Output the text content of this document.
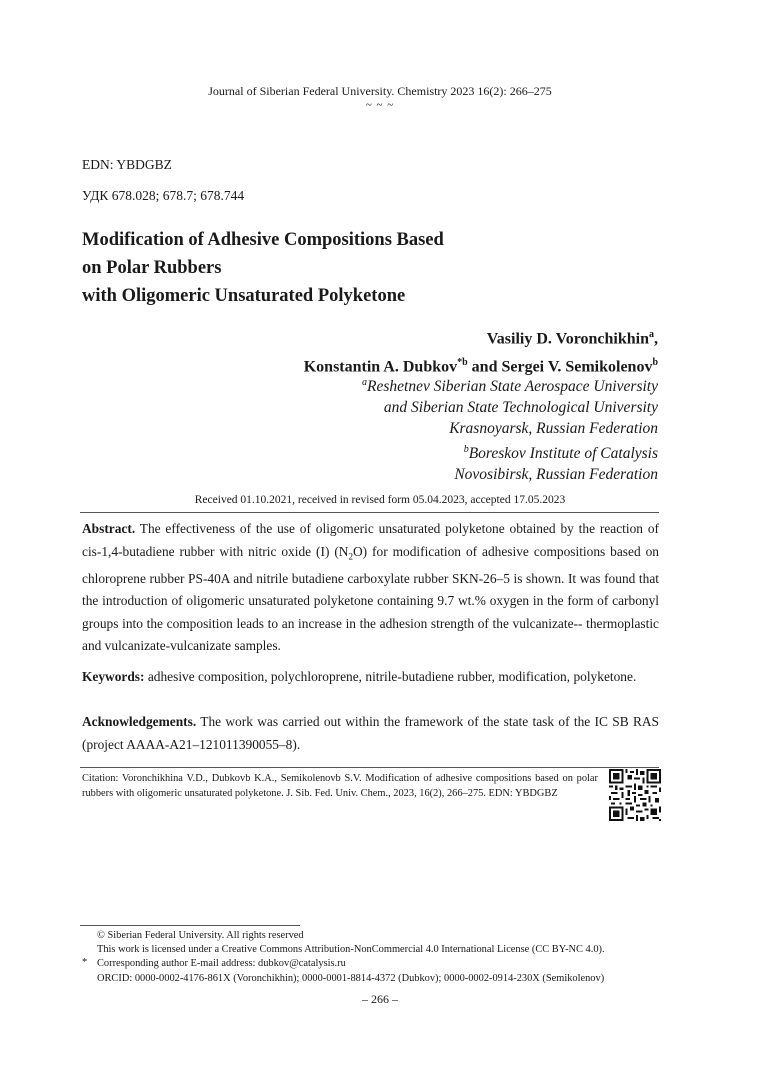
Journal of Siberian Federal University. Chemistry 2023 16(2): 266–275
~ ~ ~
EDN: YBDGBZ
УДК 678.028; 678.7; 678.744
Modification of Adhesive Compositions Based
on Polar Rubbers
with Oligomeric Unsaturated Polyketone
Vasiliy D. Voronchikhin$^a$,
Konstantin A. Dubkov$^{*b}$ and Sergei V. Semikolenov$^b$
$^a$Reshetnev Siberian State Aerospace University
and Siberian State Technological University
Krasnoyarsk, Russian Federation
$^b$Boreskov Institute of Catalysis
Novosibirsk, Russian Federation
Received 01.10.2021, received in revised form 05.04.2023, accepted 17.05.2023
Abstract. The effectiveness of the use of oligomeric unsaturated polyketone obtained by the reaction of cis-1,4-butadiene rubber with nitric oxide (I) $(N_2O)$ for modification of adhesive compositions based on chloroprene rubber PS-40A and nitrile butadiene carboxylate rubber SKN-26–5 is shown. It was found that the introduction of oligomeric unsaturated polyketone containing 9.7 wt.% oxygen in the form of carbonyl groups into the composition leads to an increase in the adhesion strength of the vulcanizate-- thermoplastic and vulcanizate-vulcanizate samples.
Keywords: adhesive composition, polychloroprene, nitrile-butadiene rubber, modification, polyketone.
Acknowledgements. The work was carried out within the framework of the state task of the IC SB RAS (project AAAA-A21–121011390055–8).
Citation: Voronchikhina V.D., Dubkovb K.A., Semikolenovb S.V. Modification of adhesive compositions based on polar rubbers with oligomeric unsaturated polyketone. J. Sib. Fed. Univ. Chem., 2023, 16(2), 266–275. EDN: YBDGBZ
© Siberian Federal University. All rights reserved
This work is licensed under a Creative Commons Attribution-NonCommercial 4.0 International License (CC BY-NC 4.0).
* Corresponding author E-mail address: dubkov@catalysis.ru
ORCID: 0000-0002-4176-861X (Voronchikhin); 0000-0001-8814-4372 (Dubkov); 0000-0002-0914-230X (Semikolenov)
– 266 –
